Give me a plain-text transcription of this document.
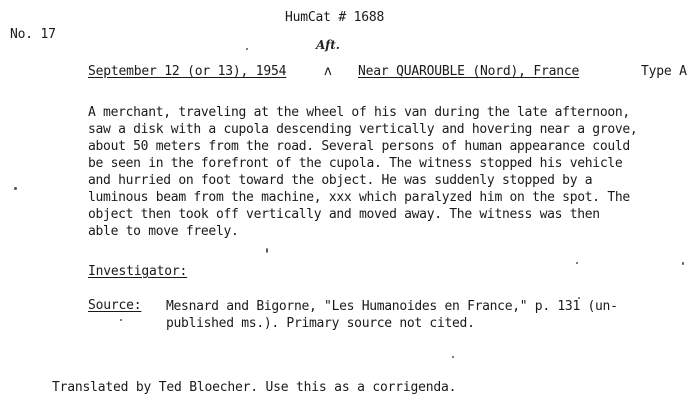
HumCat # 1688
No. 17
Aft.
September 12 (or 13), 1954	ʌ Near QUAROUBLE (Nord), France	Type A
A merchant, traveling at the wheel of his van during the late afternoon,
saw a disk with a cupola descending vertically and hovering near a grove,
about 50 meters from the road. Several persons of human appearance could
be seen in the forefront of the cupola. The witness stopped his vehicle
and hurried on foot toward the object. He was suddenly stopped by a
luminous beam from the machine, xxx which paralyzed him on the spot. The
object then took off vertically and moved away. The witness was then
able to move freely.
Investigator:
Source: Mesnard and Bigorne, "Les Humanoides en France," p. 131 (un-
published ms.). Primary source not cited.
Translated by Ted Bloecher. Use this as a corrigenda.
